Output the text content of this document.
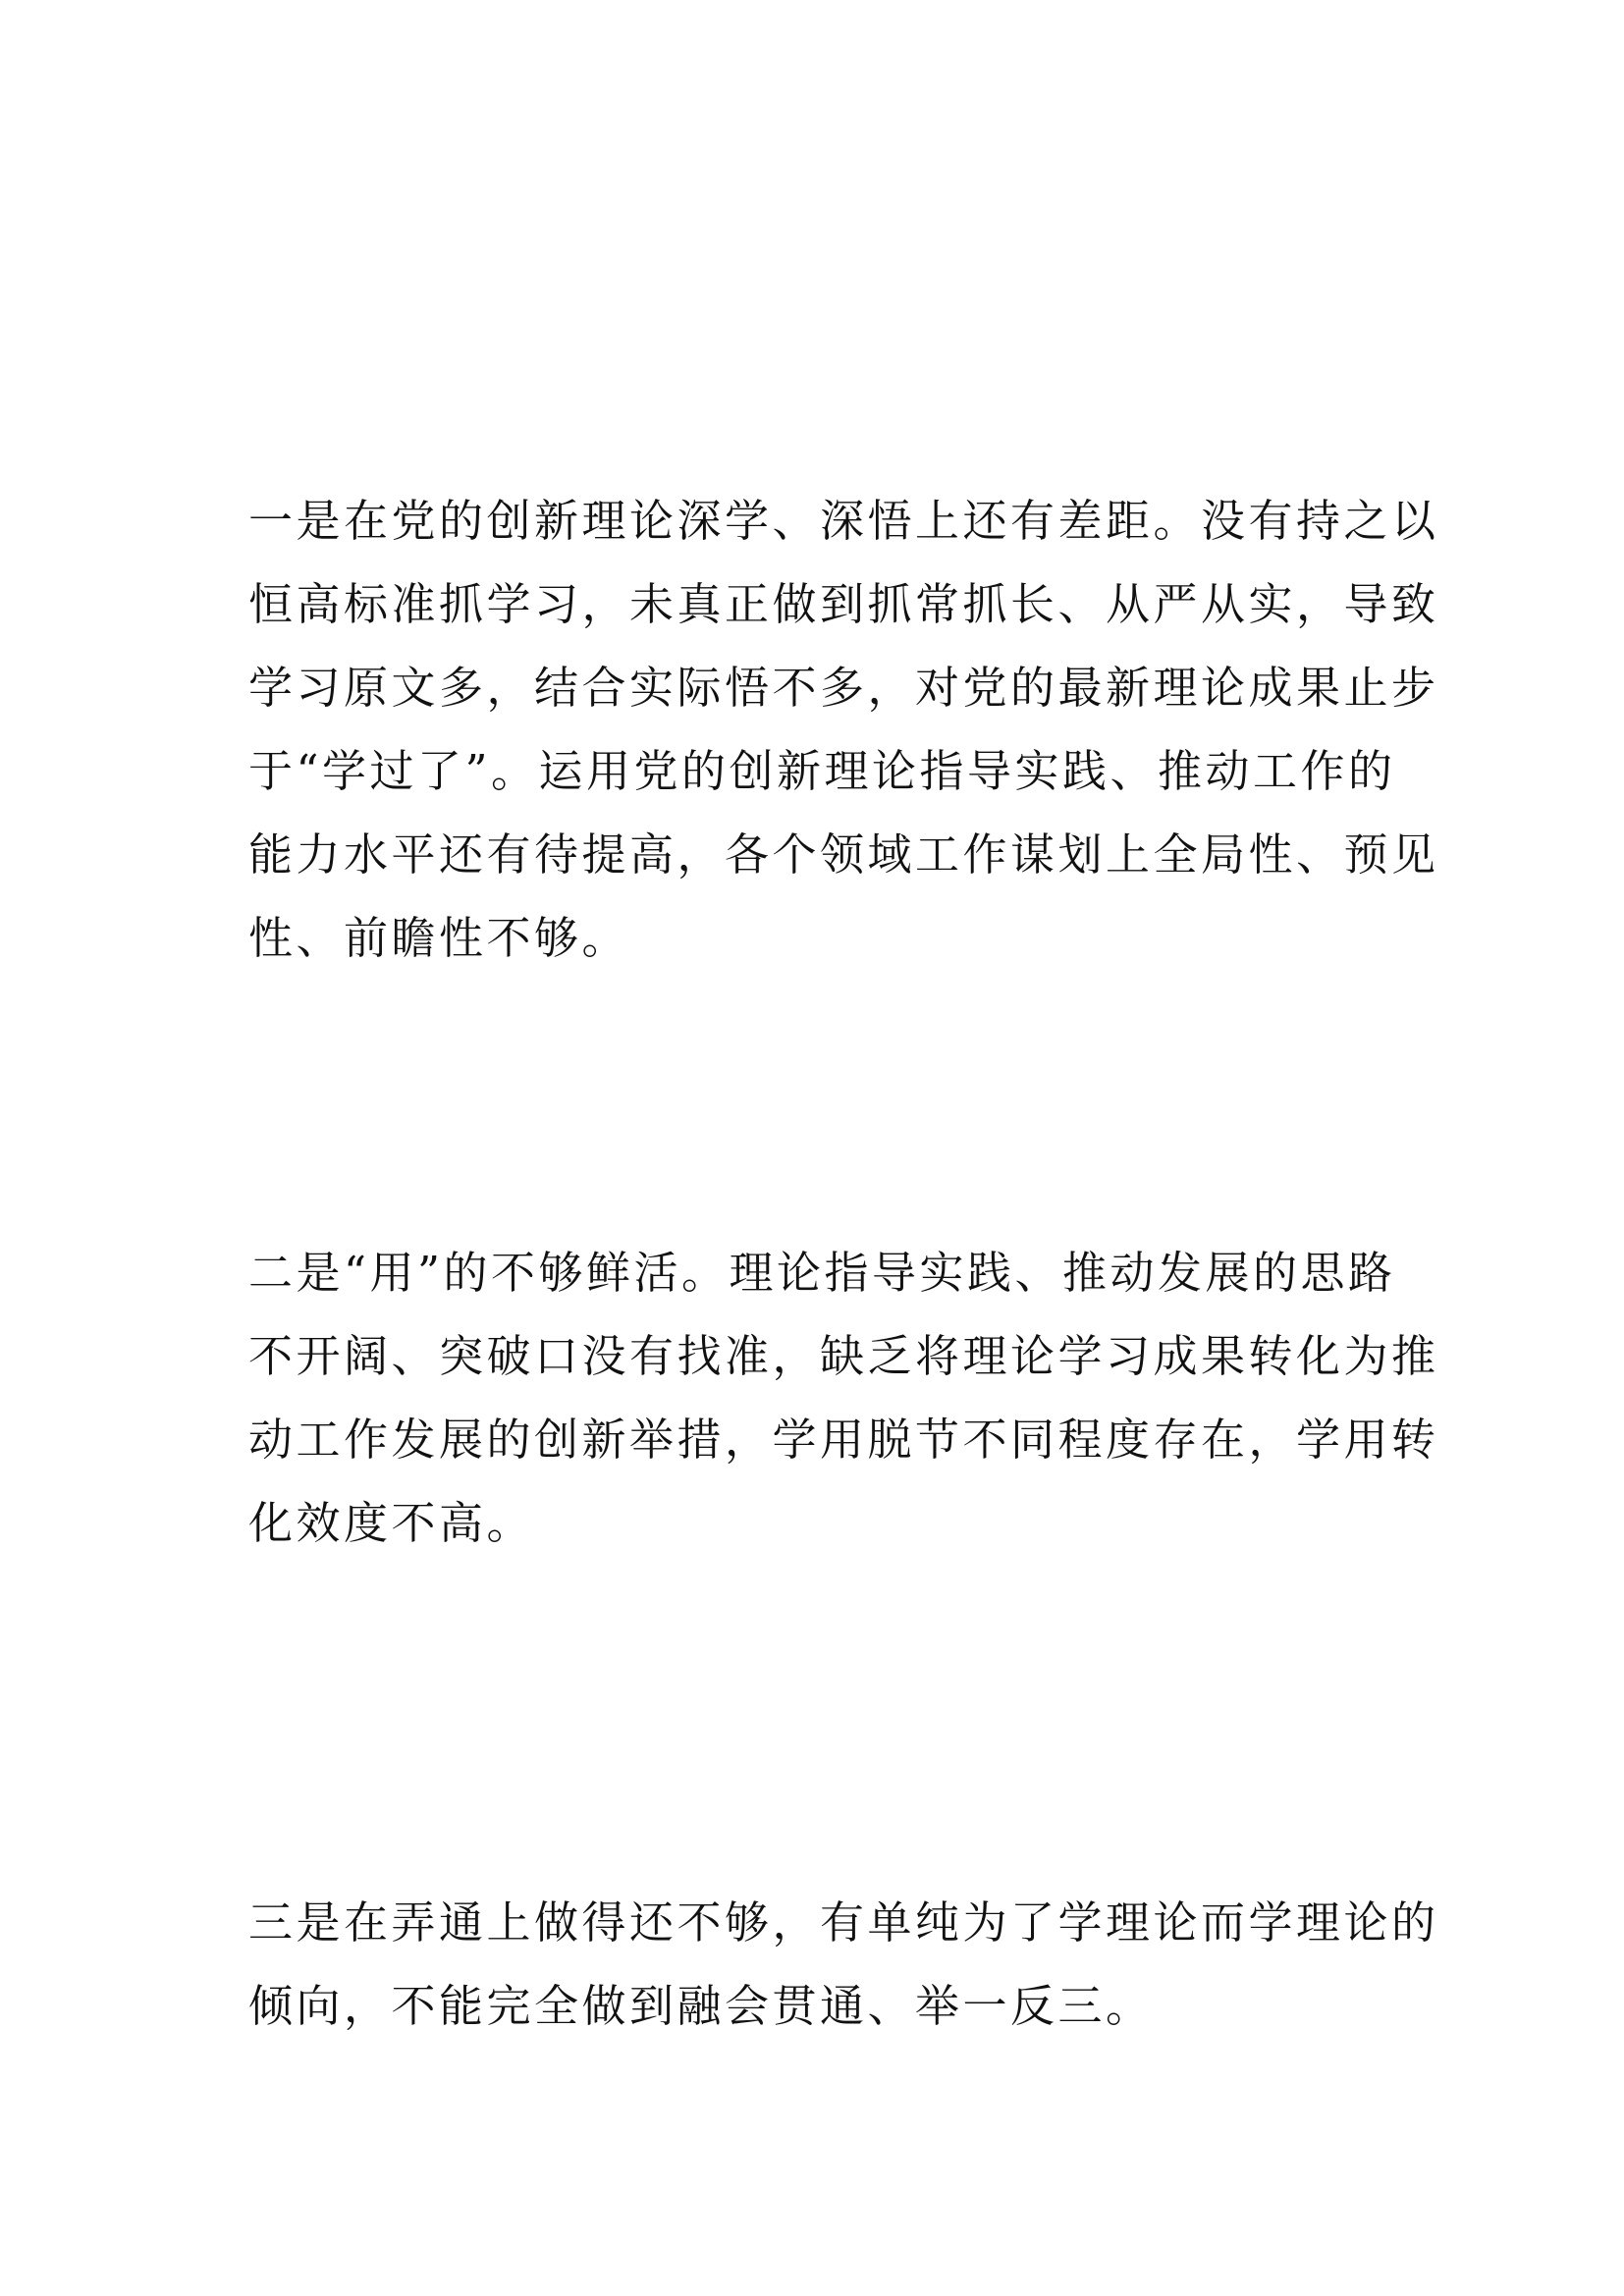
一是在党的创新理论深学、深悟上还有差距。没有持之以
恒高标准抓学习，未真正做到抓常抓长、从严从实，导致
学习原文多，结合实际悟不多，对党的最新理论成果止步
于“学过了”。运用党的创新理论指导实践、推动工作的
能力水平还有待提高，各个领域工作谋划上全局性、预见
性、前瞻性不够。

二是“用”的不够鲜活。理论指导实践、推动发展的思路
不开阔、突破口没有找准，缺乏将理论学习成果转化为推
动工作发展的创新举措，学用脱节不同程度存在，学用转
化效度不高。

三是在弄通上做得还不够，有单纯为了学理论而学理论的
倾向，不能完全做到融会贯通、举一反三。
